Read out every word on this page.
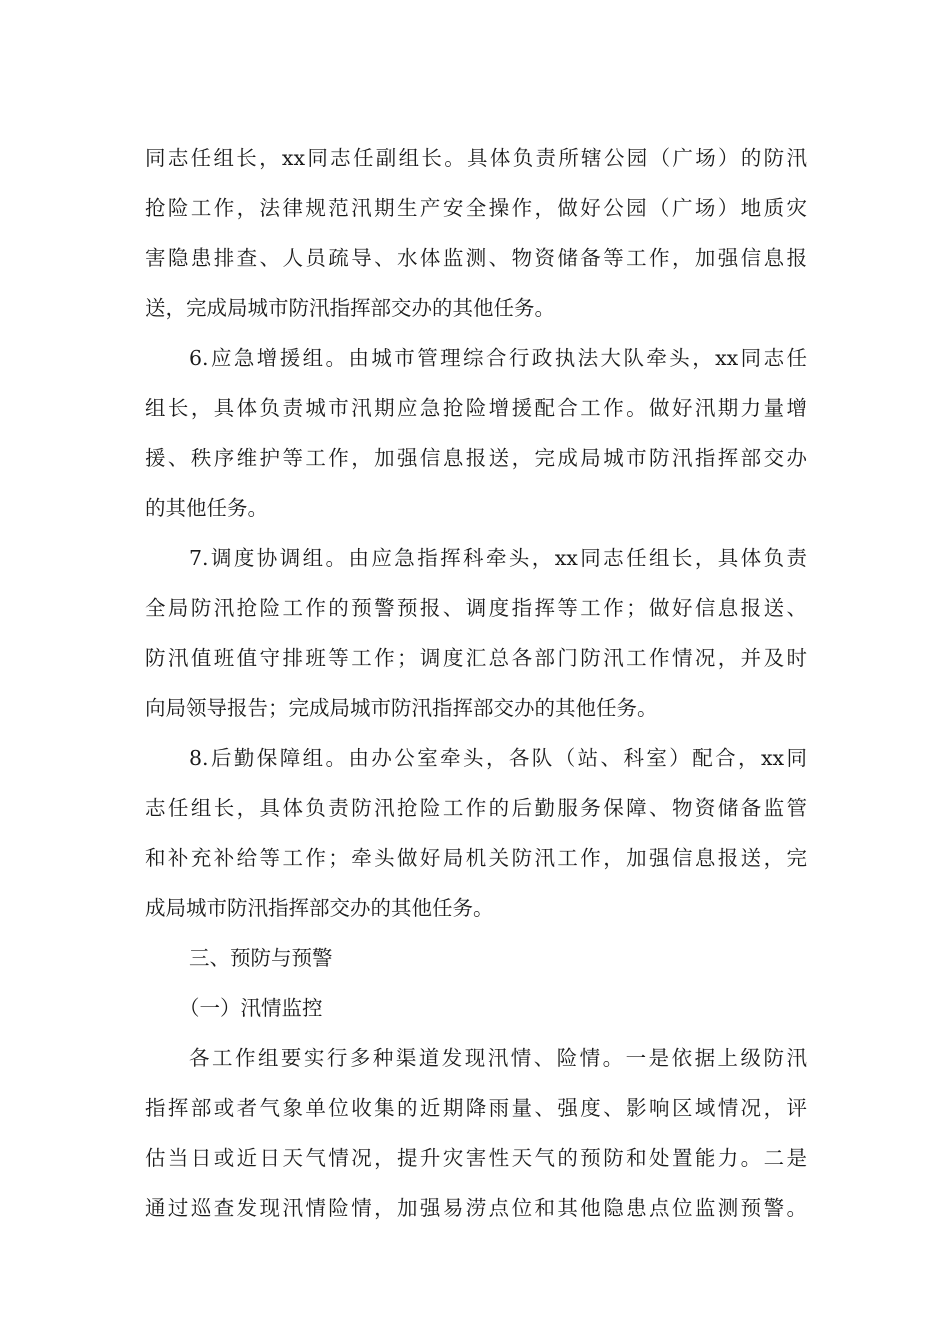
同志任组长，xx同志任副组长。具体负责所辖公园（广场）的防汛
抢险工作，法律规范汛期生产安全操作，做好公园（广场）地质灾
害隐患排查、人员疏导、水体监测、物资储备等工作，加强信息报
送，完成局城市防汛指挥部交办的其他任务。
6.应急增援组。由城市管理综合行政执法大队牵头，xx同志任
组长，具体负责城市汛期应急抢险增援配合工作。做好汛期力量增
援、秩序维护等工作，加强信息报送，完成局城市防汛指挥部交办
的其他任务。
7.调度协调组。由应急指挥科牵头，xx同志任组长，具体负责
全局防汛抢险工作的预警预报、调度指挥等工作；做好信息报送、
防汛值班值守排班等工作；调度汇总各部门防汛工作情况，并及时
向局领导报告；完成局城市防汛指挥部交办的其他任务。
8.后勤保障组。由办公室牵头，各队（站、科室）配合，xx同
志任组长，具体负责防汛抢险工作的后勤服务保障、物资储备监管
和补充补给等工作；牵头做好局机关防汛工作，加强信息报送，完
成局城市防汛指挥部交办的其他任务。
三、预防与预警
（一）汛情监控
各工作组要实行多种渠道发现汛情、险情。一是依据上级防汛
指挥部或者气象单位收集的近期降雨量、强度、影响区域情况，评
估当日或近日天气情况，提升灾害性天气的预防和处置能力。二是
通过巡查发现汛情险情，加强易涝点位和其他隐患点位监测预警。
